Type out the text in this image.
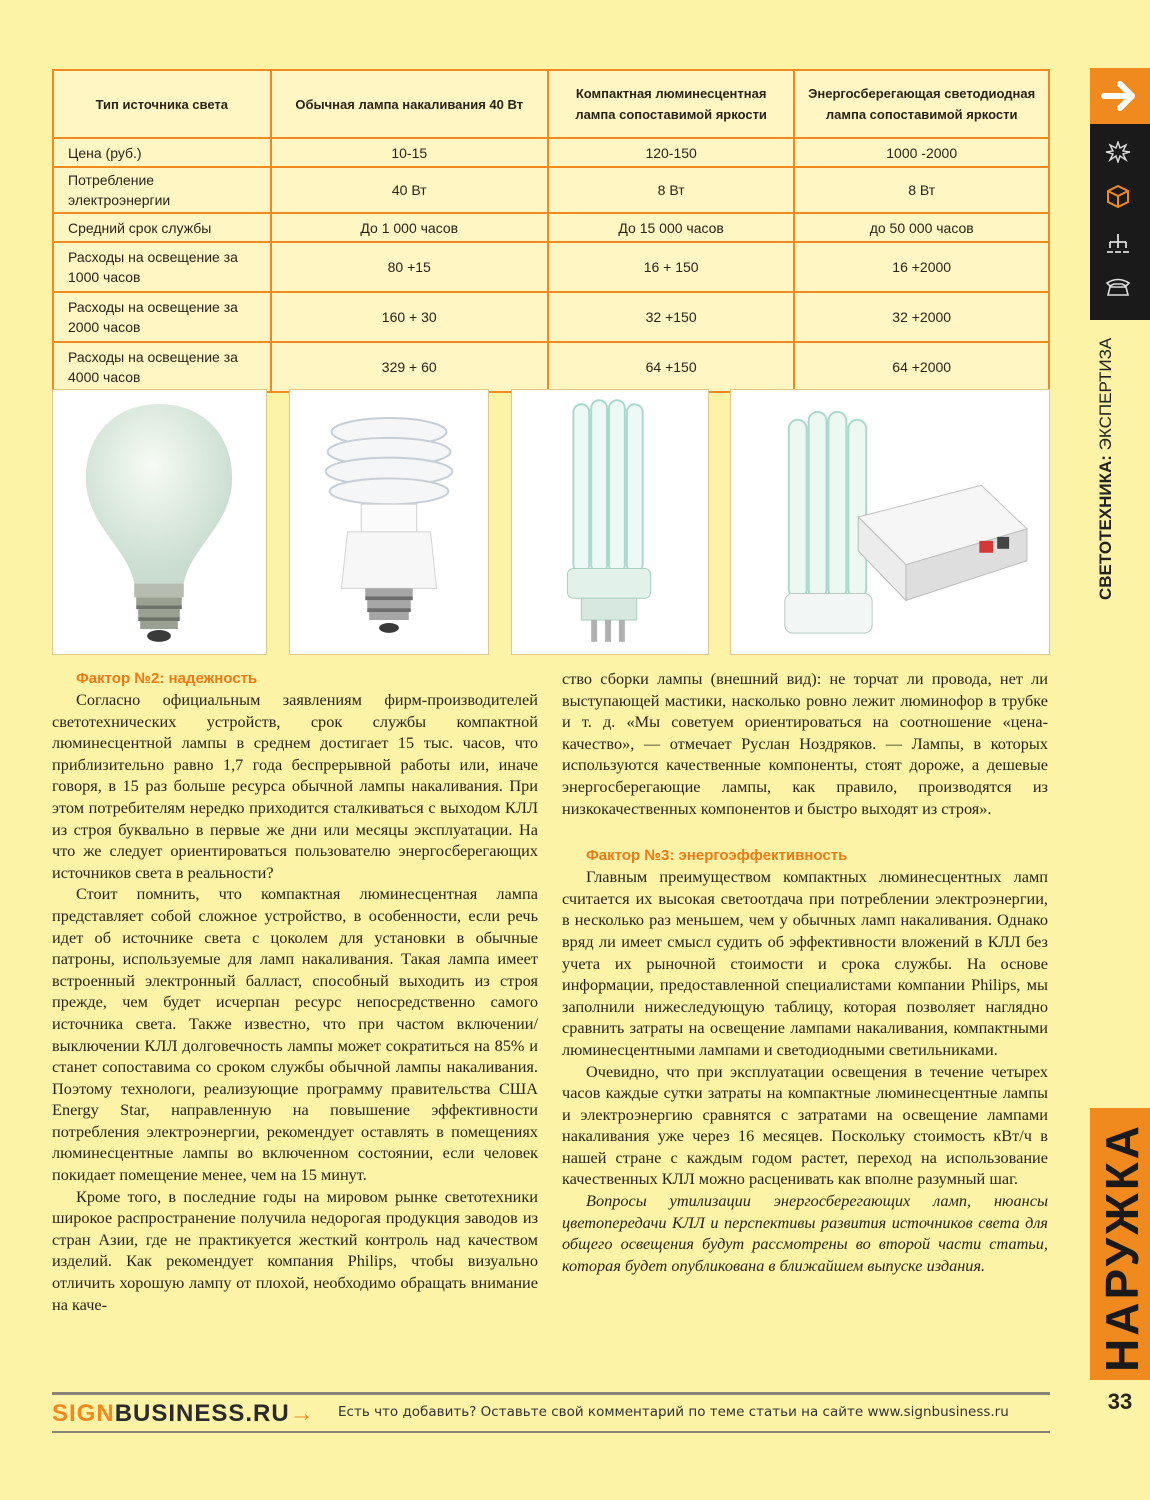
Тип источника света	Обычная лампа накаливания 40 Вт	Компактная люминесцентная лампа сопоставимой яркости	Энергосберегающая светодиодная лампа сопоставимой яркости
Цена (руб.)	10-15	120-150	1000 -2000
Потребление электроэнергии	40 Вт	8 Вт	8 Вт
Средний срок службы	До 1 000 часов	До 15 000 часов	до 50 000 часов
Расходы на освещение за 1000 часов	80 +15	16 + 150	16 +2000
Расходы на освещение за 2000 часов	160 + 30	32 +150	32 +2000
Расходы на освещение за 4000 часов	329 + 60	64 +150	64 +2000
Фактор №2: надежность

Согласно официальным заявлениям фирм-производителей светотехнических устройств, срок службы компактной люминесцентной лампы в среднем достигает 15 тыс. часов, что приблизительно равно 1,7 года беспрерывной работы или, иначе говоря, в 15 раз больше ресурса обычной лампы накаливания. При этом потребителям нередко приходится сталкиваться с выходом КЛЛ из строя буквально в первые же дни или месяцы эксплуатации. На что же следует ориентироваться пользователю энергосберегающих источников света в реальности?

Стоит помнить, что компактная люминесцентная лампа представляет собой сложное устройство, в особенности, если речь идет об источнике света с цоколем для установки в обычные патроны, используемые для ламп накаливания. Такая лампа имеет встроенный электронный балласт, способный выходить из строя прежде, чем будет исчерпан ресурс непосредственно самого источника света. Также известно, что при частом включении/выключении КЛЛ долговечность лампы может сократиться на 85% и станет сопоставима со сроком службы обычной лампы накаливания. Поэтому технологи, реализующие программу правительства США Energy Star, направленную на повышение эффективности потребления электроэнергии, рекомендует оставлять в помещениях люминесцентные лампы во включенном состоянии, если человек покидает помещение менее, чем на 15 минут.

Кроме того, в последние годы на мировом рынке светотехники широкое распространение получила недорогая продукция заводов из стран Азии, где не практикуется жесткий контроль над качеством изделий. Как рекомендует компания Philips, чтобы визуально отличить хорошую лампу от плохой, необходимо обращать внимание на каче-

ство сборки лампы (внешний вид): не торчат ли провода, нет ли выступающей мастики, насколько ровно лежит люминофор в трубке и т. д. «Мы советуем ориентироваться на соотношение «цена-качество», — отмечает Руслан Ноздряков. — Лампы, в которых используются качественные компоненты, стоят дороже, а дешевые энергосберегающие лампы, как правило, производятся из низкокачественных компонентов и быстро выходят из строя».

Фактор №3: энергоэффективность

Главным преимуществом компактных люминесцентных ламп считается их высокая светоотдача при потреблении электроэнергии, в несколько раз меньшем, чем у обычных ламп накаливания. Однако вряд ли имеет смысл судить об эффективности вложений в КЛЛ без учета их рыночной стоимости и срока службы. На основе информации, предоставленной специалистами компании Philips, мы заполнили нижеследующую таблицу, которая позволяет наглядно сравнить затраты на освещение лампами накаливания, компактными люминесцентными лампами и светодиодными светильниками.

Очевидно, что при эксплуатации освещения в течение четырех часов каждые сутки затраты на компактные люминесцентные лампы и электроэнергию сравнятся с затратами на освещение лампами накаливания уже через 16 месяцев. Поскольку стоимость кВт/ч в нашей стране с каждым годом растет, переход на использование качественных КЛЛ можно расценивать как вполне разумный шаг.

Вопросы утилизации энергосберегающих ламп, нюансы цветопередачи КЛЛ и перспективы развития источников света для общего освещения будут рассмотрены во второй части статьи, которая будет опубликована в ближайшем выпуске издания.

СВЕТОТЕХНИКА: ЭКСПЕРТИЗА
НАРУЖКА
33
SIGNBUSINESS.RU→ Есть что добавить? Оставьте свой комментарий по теме статьи на сайте www.signbusiness.ru
